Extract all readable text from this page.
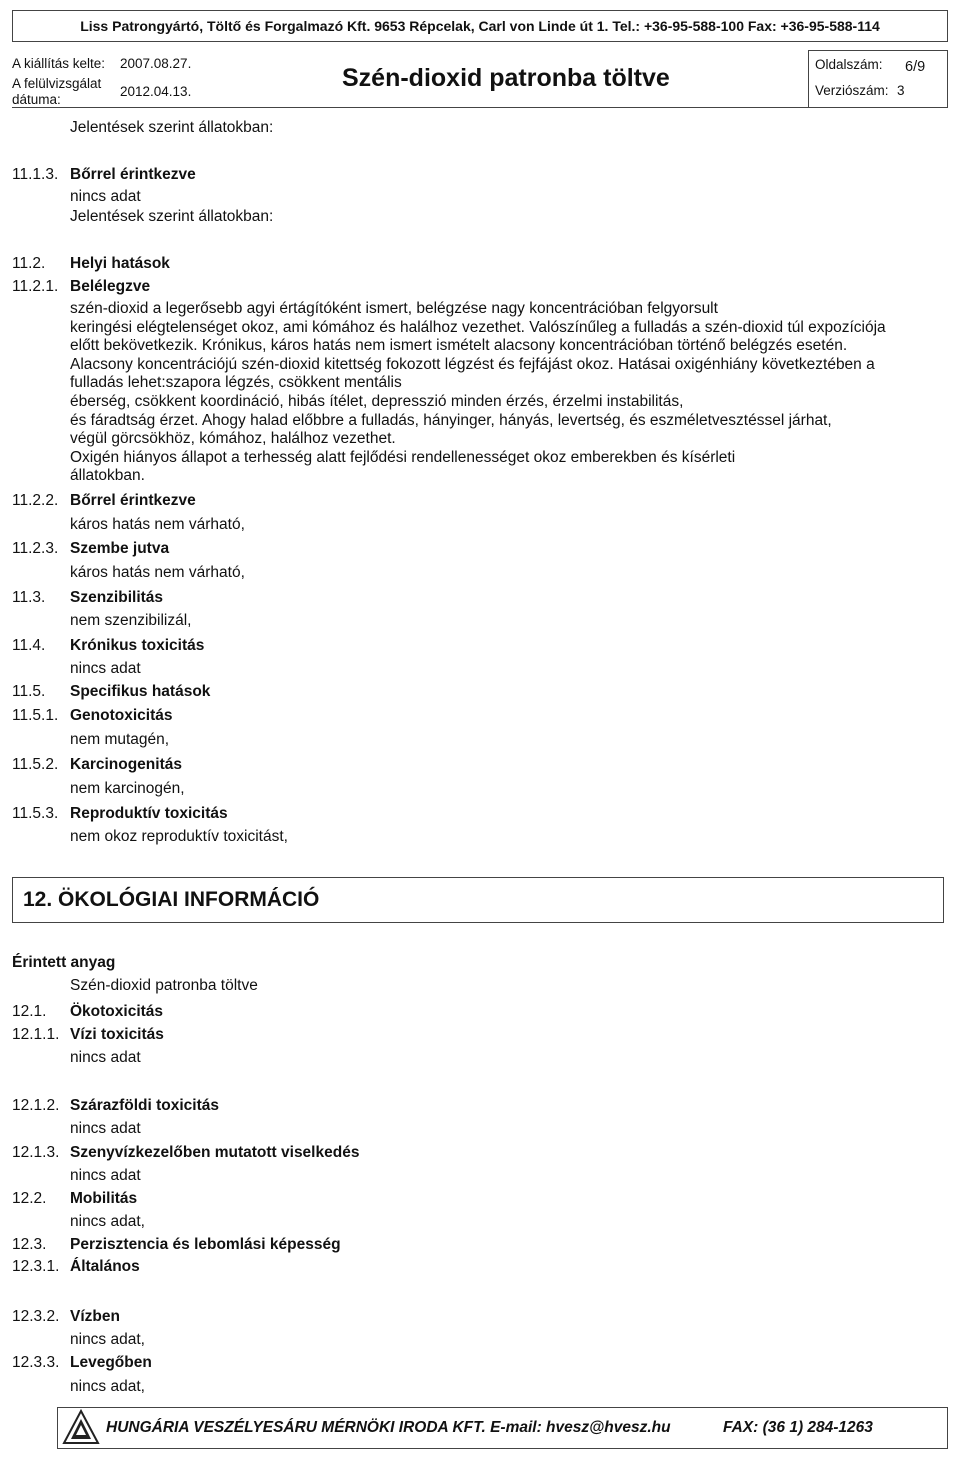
Liss Patrongyártó, Töltő és Forgalmazó Kft. 9653 Répcelak, Carl von Linde út 1. Tel.: +36-95-588-100 Fax: +36-95-588-114
A kiállítás kelte: 2007.08.27.
A felülvizsgálat
dátuma:
2012.04.13.	Szén-dioxid patronba töltve	Oldalszám: 6/9
Verziószám: 3
Jelentések szerint állatokban:
11.1.3. Bőrrel érintkezve
nincs adat
Jelentések szerint állatokban:
11.2. Helyi hatások
11.2.1. Belélegzve

szén-dioxid a legerősebb agyi értágítóként ismert, belégzése nagy koncentrációban felgyorsult

keringési elégtelenséget okoz, ami kómához és halálhoz vezethet. Valószínűleg a fulladás a szén-dioxid túl expozíciója

előtt bekövetkezik. Krónikus, káros hatás nem ismert ismételt alacsony koncentrációban történő belégzés esetén.

Alacsony koncentrációjú szén-dioxid kitettség fokozott légzést és fejfájást okoz. Hatásai oxigénhiány következtében a

fulladás lehet:szapora légzés, csökkent mentális

éberség, csökkent koordináció, hibás ítélet, depresszió minden érzés, érzelmi instabilitás,

és fáradtság érzet. Ahogy halad előbbre a fulladás, hányinger, hányás, levertség, és eszméletvesztéssel járhat,

végül görcsökhöz, kómához, halálhoz vezethet.

Oxigén hiányos állapot a terhesség alatt fejlődési rendellenességet okoz emberekben és kísérleti

állatokban.

11.2.2. Bőrrel érintkezve
káros hatás nem várható,
11.2.3. Szembe jutva
káros hatás nem várható,
11.3. Szenzibilitás
nem szenzibilizál,
11.4. Krónikus toxicitás
nincs adat
11.5. Specifikus hatások
11.5.1. Genotoxicitás
nem mutagén,
11.5.2. Karcinogenitás
nem karcinogén,
11.5.3. Reproduktív toxicitás
nem okoz reproduktív toxicitást,
12. ÖKOLÓGIAI INFORMÁCIÓ
Érintett anyag
Szén-dioxid patronba töltve
12.1. Ökotoxicitás
12.1.1. Vízi toxicitás
nincs adat
12.1.2. Szárazföldi toxicitás
nincs adat
12.1.3. Szenyvízkezelőben mutatott viselkedés
nincs adat
12.2. Mobilitás
nincs adat,
12.3. Perzisztencia és lebomlási képesség
12.3.1. Általános
12.3.2. Vízben
nincs adat,
12.3.3. Levegőben
nincs adat,
HUNGÁRIA VESZÉLYESÁRU MÉRNÖKI IRODA KFT. E-mail: hvesz@hvesz.hu	FAX: (36 1) 284-1263
